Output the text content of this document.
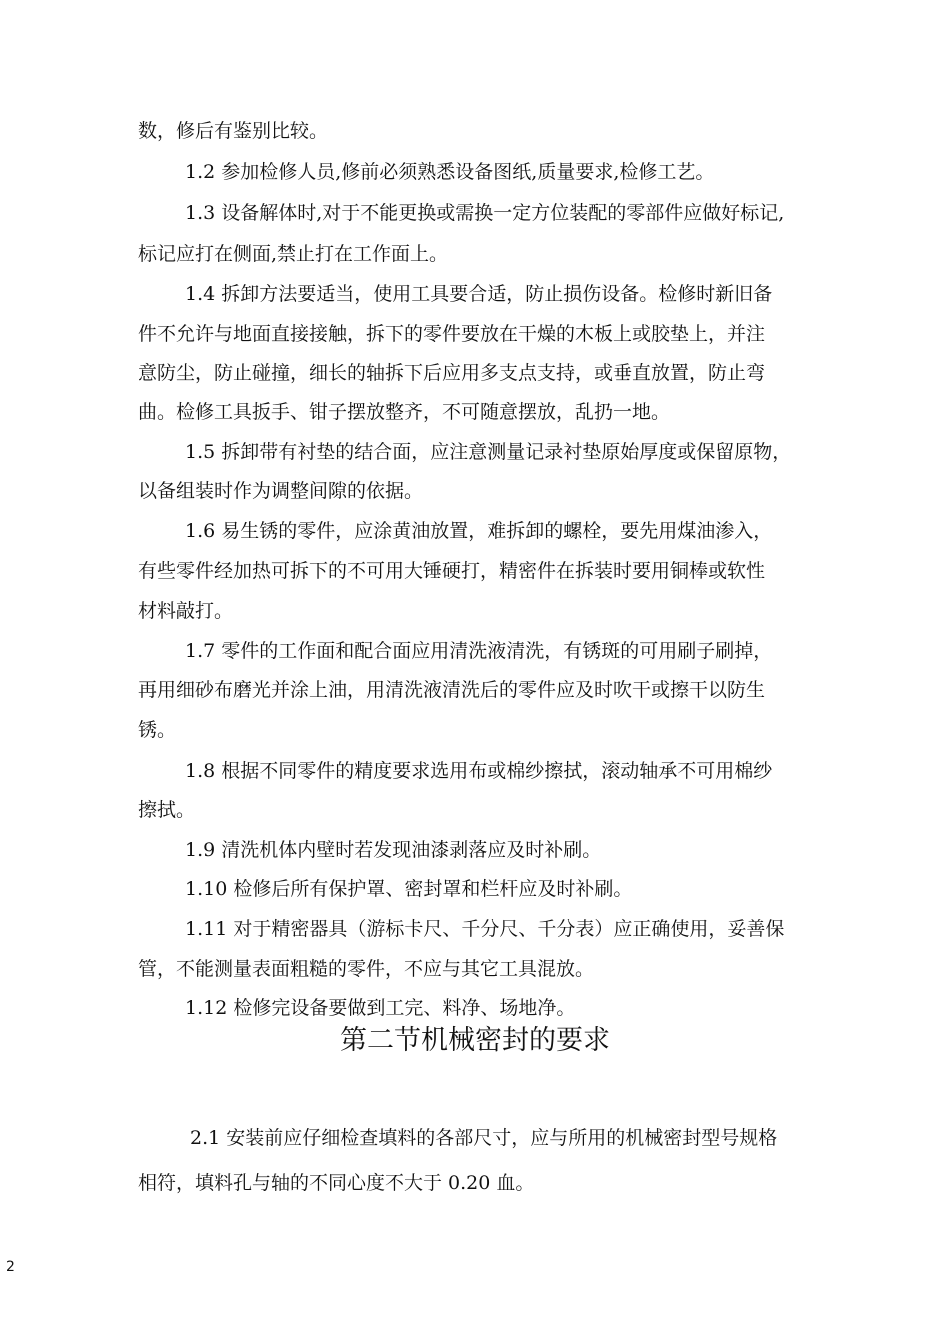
数，修后有鉴别比较。
1.2 参加检修人员,修前必须熟悉设备图纸,质量要求,检修工艺。
1.3 设备解体时,对于不能更换或需换一定方位装配的零部件应做好标记,
标记应打在侧面,禁止打在工作面上。
1.4 拆卸方法要适当，使用工具要合适，防止损伤设备。检修时新旧备
件不允许与地面直接接触，拆下的零件要放在干燥的木板上或胶垫上，并注
意防尘，防止碰撞，细长的轴拆下后应用多支点支持，或垂直放置，防止弯
曲。检修工具扳手、钳子摆放整齐，不可随意摆放，乱扔一地。
1.5 拆卸带有衬垫的结合面，应注意测量记录衬垫原始厚度或保留原物，
以备组装时作为调整间隙的依据。
1.6 易生锈的零件，应涂黄油放置，难拆卸的螺栓，要先用煤油渗入，
有些零件经加热可拆下的不可用大锤硬打，精密件在拆装时要用铜棒或软性
材料敲打。
1.7 零件的工作面和配合面应用清洗液清洗，有锈斑的可用刷子刷掉，
再用细砂布磨光并涂上油，用清洗液清洗后的零件应及时吹干或擦干以防生
锈。
1.8 根据不同零件的精度要求选用布或棉纱擦拭，滚动轴承不可用棉纱
擦拭。
1.9 清洗机体内壁时若发现油漆剥落应及时补刷。
1.10 检修后所有保护罩、密封罩和栏杆应及时补刷。
1.11 对于精密器具（游标卡尺、千分尺、千分表）应正确使用，妥善保
管，不能测量表面粗糙的零件，不应与其它工具混放。
1.12 检修完设备要做到工完、料净、场地净。
第二节机械密封的要求
2.1 安装前应仔细检查填料的各部尺寸，应与所用的机械密封型号规格
相符，填料孔与轴的不同心度不大于 0.20 血。
2
